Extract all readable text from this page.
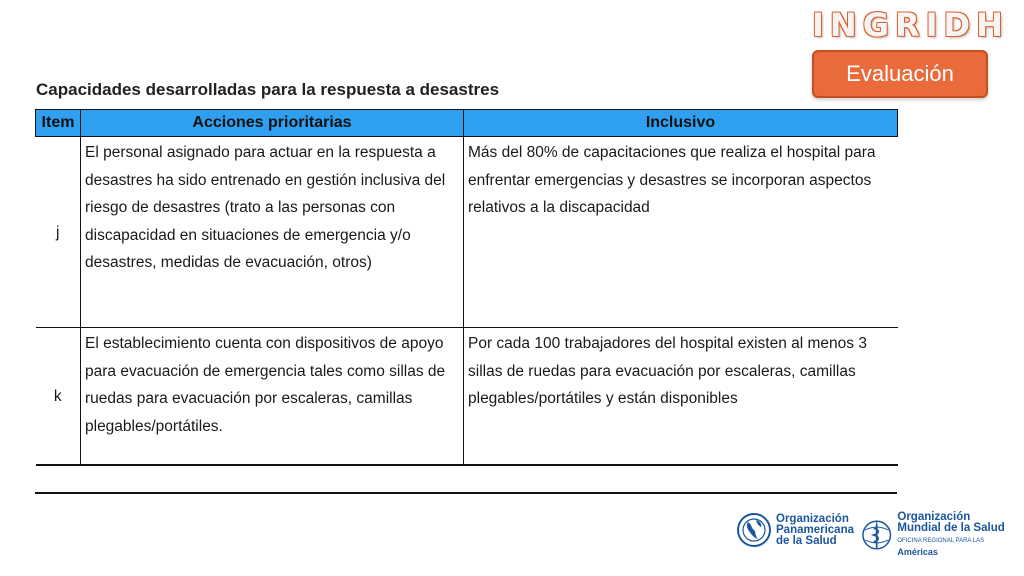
INGRIDH
Evaluación
Capacidades desarrolladas para la respuesta a desastres
Item	Acciones prioritarias	Inclusivo
j	El personal asignado para actuar en la respuesta a desastres ha sido entrenado en gestión inclusiva del riesgo de desastres (trato a las personas con discapacidad en situaciones de emergencia y/o desastres, medidas de evacuación, otros)	Más del 80% de capacitaciones que realiza el hospital para enfrentar emergencias y desastres se incorporan aspectos relativos a la discapacidad
k	El establecimiento cuenta con dispositivos de apoyo para evacuación de emergencia tales como sillas de ruedas para evacuación por escaleras, camillas plegables/portátiles.	Por cada 100 trabajadores del hospital existen al menos 3 sillas de ruedas para evacuación por escaleras, camillas plegables/portátiles y están disponibles
Organización
Panamericana
de la Salud
Organización
Mundial de la Salud
OFICINA REGIONAL PARA LAS Américas
